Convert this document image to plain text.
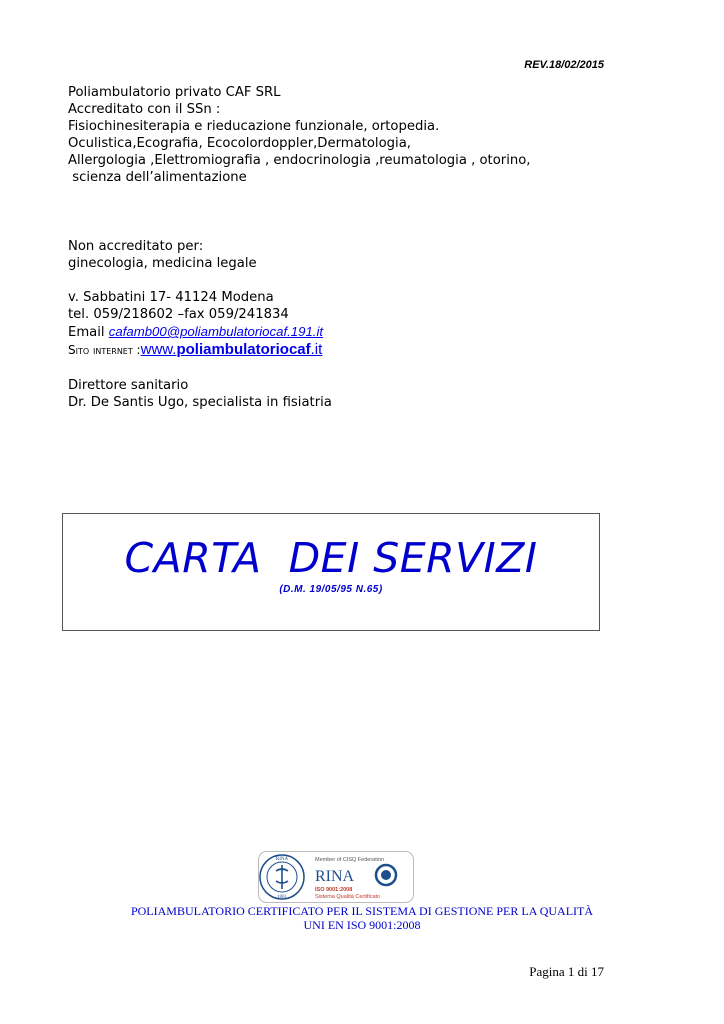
REV.18/02/2015
Poliambulatorio privato CAF SRL
Accreditato con il SSn :
Fisiochinesiterapia e rieducazione funzionale, ortopedia.
Oculistica,Ecografia, Ecocolordoppler,Dermatologia,
Allergologia ,Elettromiografia , endocrinologia ,reumatologia , otorino,
scienza dell’alimentazione
Non accreditato per:
ginecologia, medicina legale
v. Sabbatini 17- 41124 Modena
tel. 059/218602 –fax 059/241834
Email cafamb00@poliambulatoriocaf.191.it
Sito internet :www.poliambulatoriocaf.it
Direttore sanitario
Dr. De Santis Ugo, specialista in fisiatria
CARTA  DEI SERVIZI
(D.M. 19/05/95 N.65)
RINA
1861
Member of CISQ Federation
RINA
ISO 9001:2008
Sistema Qualità Certificato
POLIAMBULATORIO CERTIFICATO PER IL SISTEMA DI GESTIONE PER LA QUALITÀ
UNI EN ISO 9001:2008
Pagina 1 di 17
